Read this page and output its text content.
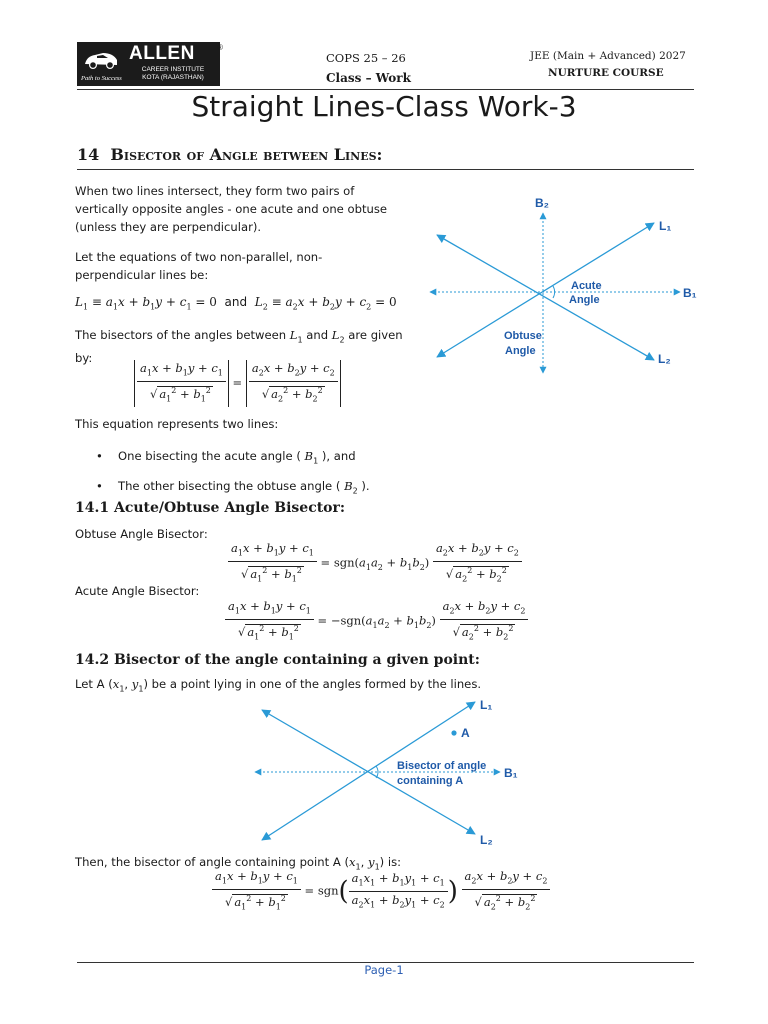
ALLEN
CAREER INSTITUTE
KOTA (RAJASTHAN)
Path to Success
®
COPS 25 – 26
Class – Work
JEE (Main + Advanced) 2027
NURTURE COURSE
Straight Lines-Class Work-3
14 Bisector of Angle between Lines:
When two lines intersect, they form two pairs of vertically opposite angles - one acute and one obtuse (unless they are perpendicular).
Let the equations of two non-parallel, non-perpendicular lines be:
$L_1 \equiv a_1x + b_1y + c_1 = 0$  and $L_2 \equiv a_2x + b_2y + c_2 = 0$
The bisectors of the angles between $L_1$ and $L_2$ are given by:
$\frac{a_1x + b_1y + c_1}{√ a_1^2 + b_1^2} = \frac{a_2x + b_2y + c_2}{√ a_2^2 + b_2^2}$
This equation represents two lines:
• One bisecting the acute angle ( $B_1$ ), and
• The other bisecting the obtuse angle ( $B_2$ ).
B₂
L₁
B₁
L₂
Acute
Angle
Obtuse
Angle
14.1 Acute/Obtuse Angle Bisector:
Obtuse Angle Bisector:
$\frac{a_1x + b_1y + c_1}{√ a_1^2 + b_1^2} = sgn(a_1a_2 + b_1b_2) \frac{a_2x + b_2y + c_2}{√ a_2^2 + b_2^2}$
Acute Angle Bisector:
$\frac{a_1x + b_1y + c_1}{√ a_1^2 + b_1^2} = -sgn(a_1a_2 + b_1b_2) \frac{a_2x + b_2y + c_2}{√ a_2^2 + b_2^2}$
14.2 Bisector of the angle containing a given point:
Let A ($x_1$, $y_1$) be a point lying in one of the angles formed by the lines.
L₁
A
B₁
L₂
Bisector of angle
containing A
Then, the bisector of angle containing point A ($x_1$, $y_1$) is:
$\frac{a_1x + b_1y + c_1}{√ a_1^2 + b_1^2} = sgn( \frac{a_1x_1 + b_1y_1 + c_1}{a_2x_1 + b_2y_1 + c_2}$ ) $\frac{a_2x + b_2y + c_2}{√ a_2^2 + b_2^2}$
Page-1
